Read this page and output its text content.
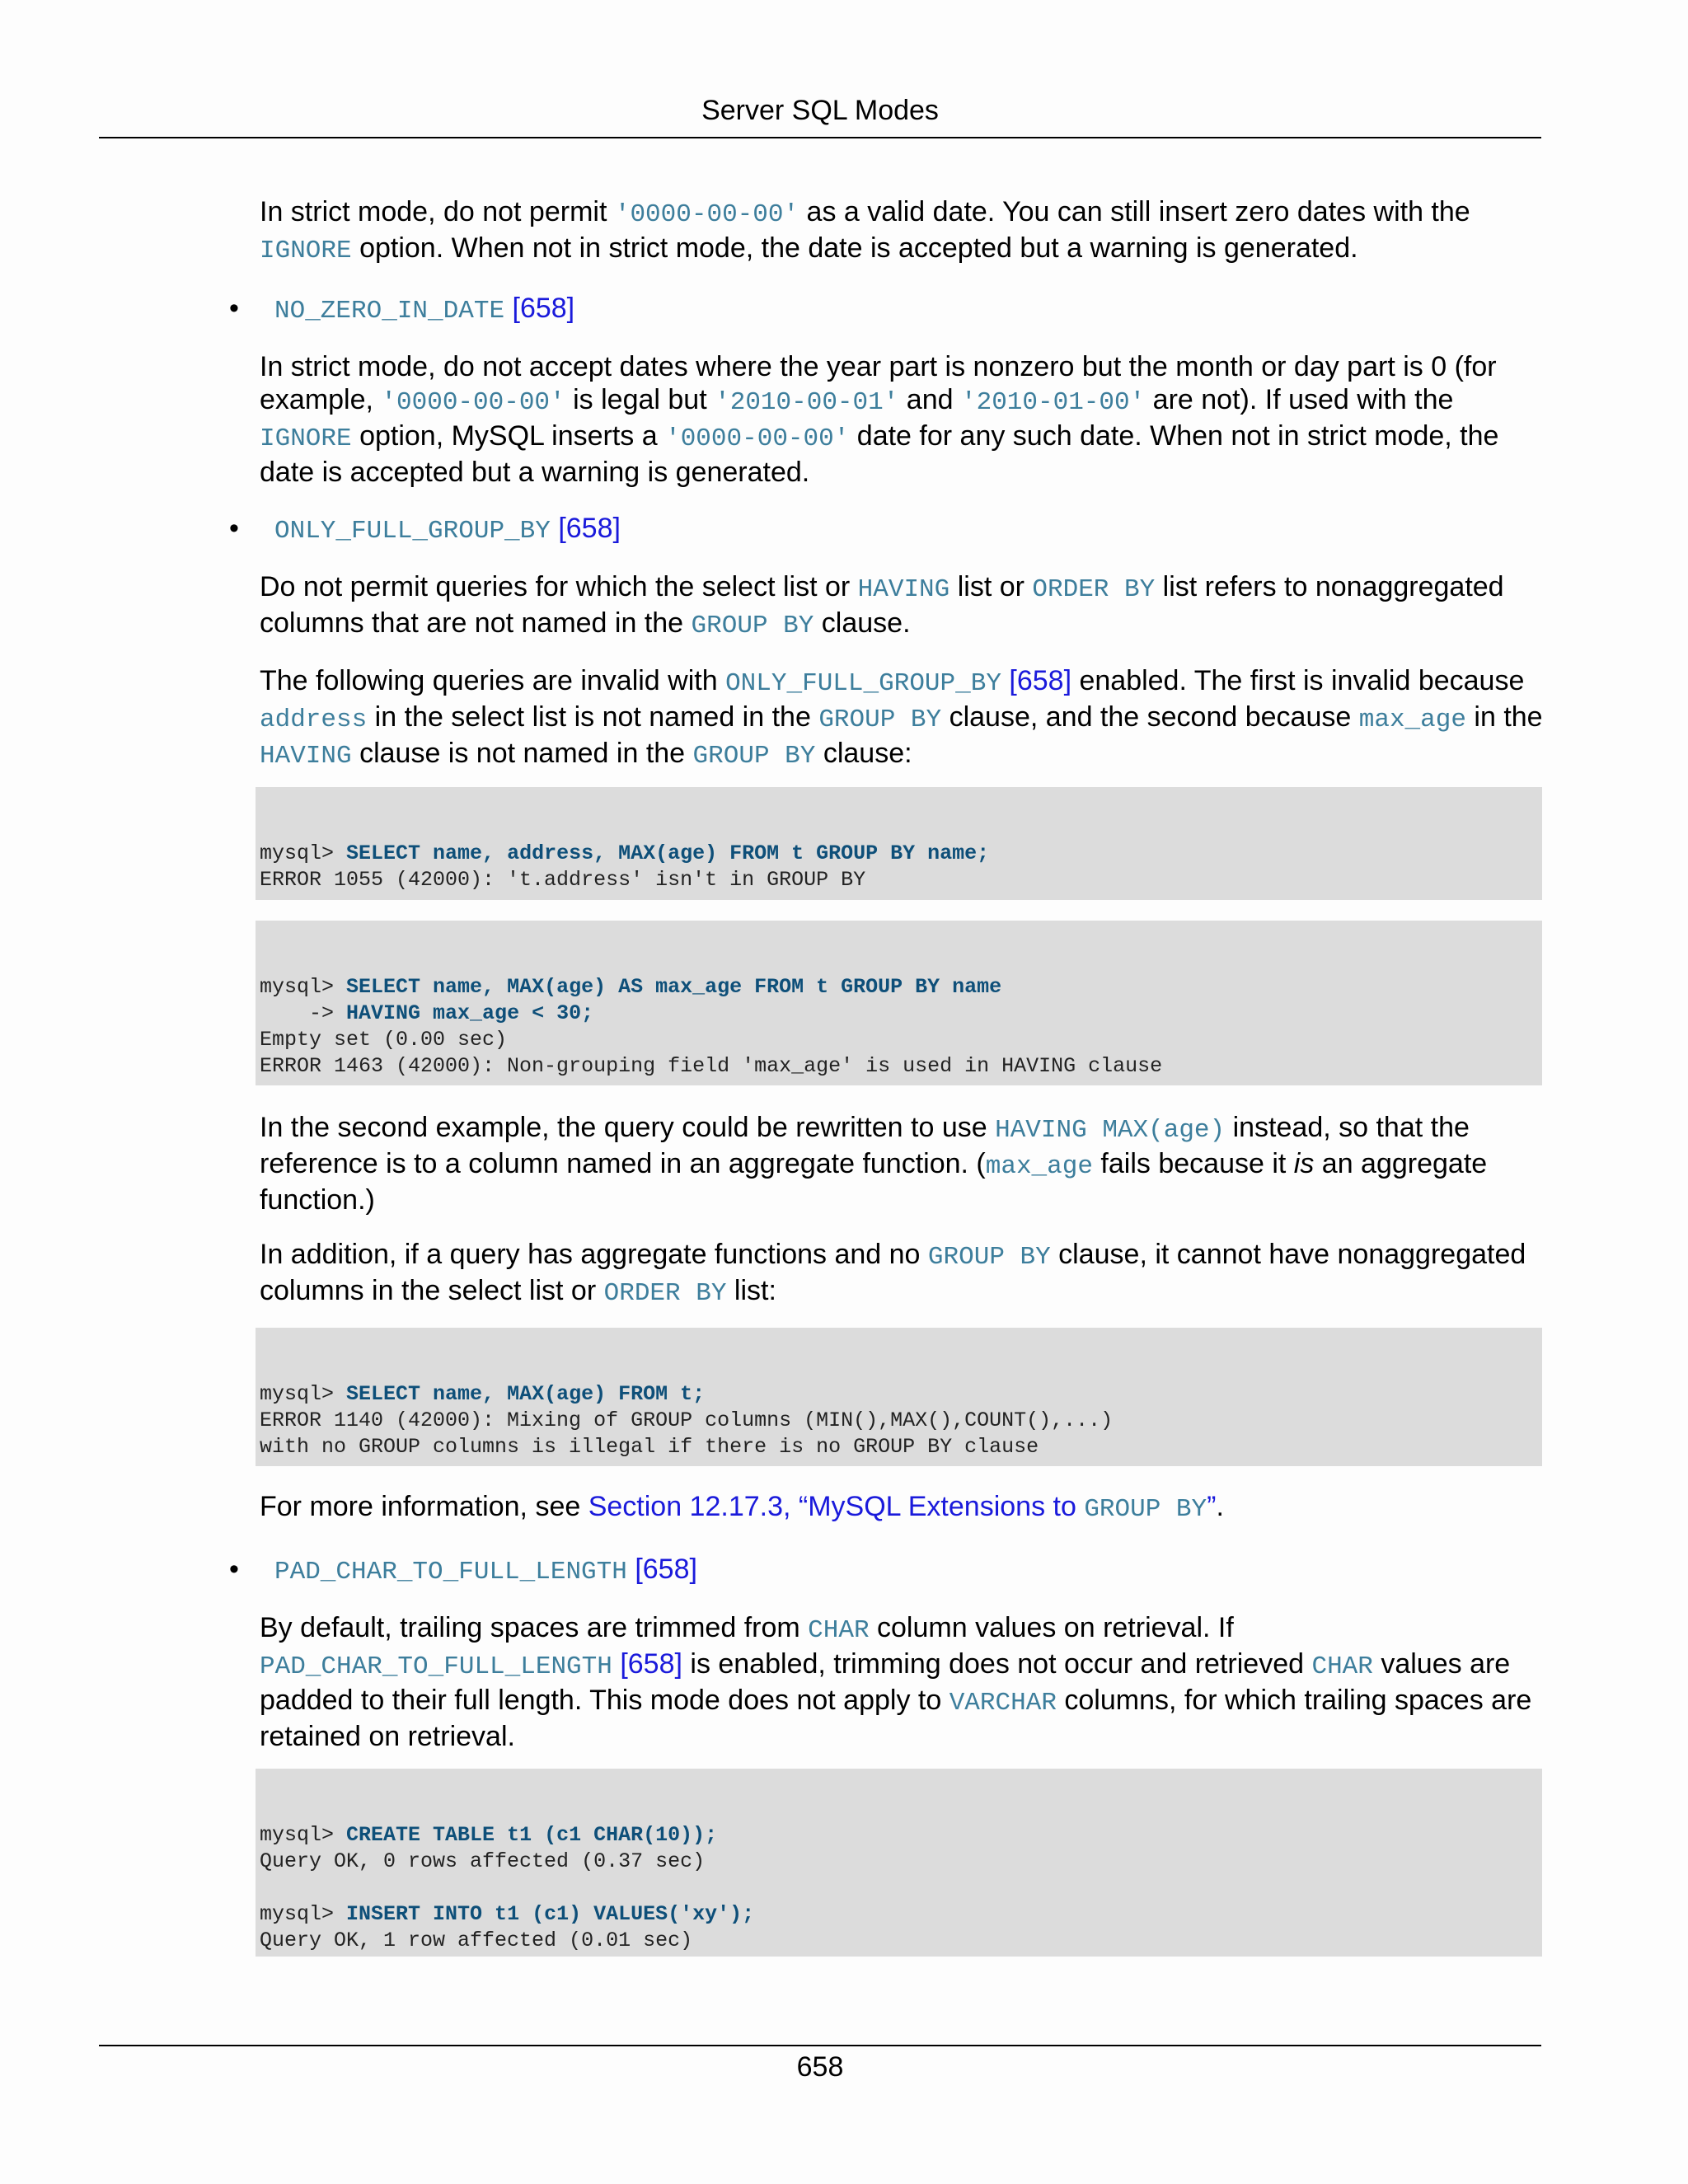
Server SQL Modes

In strict mode, do not permit '0000-00-00' as a valid date. You can still insert zero dates with the IGNORE option. When not in strict mode, the date is accepted but a warning is generated.

• NO_ZERO_IN_DATE [658]

In strict mode, do not accept dates where the year part is nonzero but the month or day part is 0 (for example, '0000-00-00' is legal but '2010-00-01' and '2010-01-00' are not). If used with the IGNORE option, MySQL inserts a '0000-00-00' date for any such date. When not in strict mode, the date is accepted but a warning is generated.

• ONLY_FULL_GROUP_BY [658]

Do not permit queries for which the select list or HAVING list or ORDER BY list refers to nonaggregated columns that are not named in the GROUP BY clause.

The following queries are invalid with ONLY_FULL_GROUP_BY [658] enabled. The first is invalid because address in the select list is not named in the GROUP BY clause, and the second because max_age in the HAVING clause is not named in the GROUP BY clause:

mysql> SELECT name, address, MAX(age) FROM t GROUP BY name;
ERROR 1055 (42000): 't.address' isn't in GROUP BY
mysql> SELECT name, MAX(age) AS max_age FROM t GROUP BY name
-> HAVING max_age < 30;
Empty set (0.00 sec)
ERROR 1463 (42000): Non-grouping field 'max_age' is used in HAVING clause

In the second example, the query could be rewritten to use HAVING MAX(age) instead, so that the reference is to a column named in an aggregate function. (max_age fails because it is an aggregate function.)

In addition, if a query has aggregate functions and no GROUP BY clause, it cannot have nonaggregated columns in the select list or ORDER BY list:

mysql> SELECT name, MAX(age) FROM t;
ERROR 1140 (42000): Mixing of GROUP columns (MIN(),MAX(),COUNT(),...)
with no GROUP columns is illegal if there is no GROUP BY clause

For more information, see Section 12.17.3, “MySQL Extensions to GROUP BY”.

• PAD_CHAR_TO_FULL_LENGTH [658]

By default, trailing spaces are trimmed from CHAR column values on retrieval. If PAD_CHAR_TO_FULL_LENGTH [658] is enabled, trimming does not occur and retrieved CHAR values are padded to their full length. This mode does not apply to VARCHAR columns, for which trailing spaces are retained on retrieval.

mysql> CREATE TABLE t1 (c1 CHAR(10));
Query OK, 0 rows affected (0.37 sec)
mysql> INSERT INTO t1 (c1) VALUES('xy');
Query OK, 1 row affected (0.01 sec)
658
